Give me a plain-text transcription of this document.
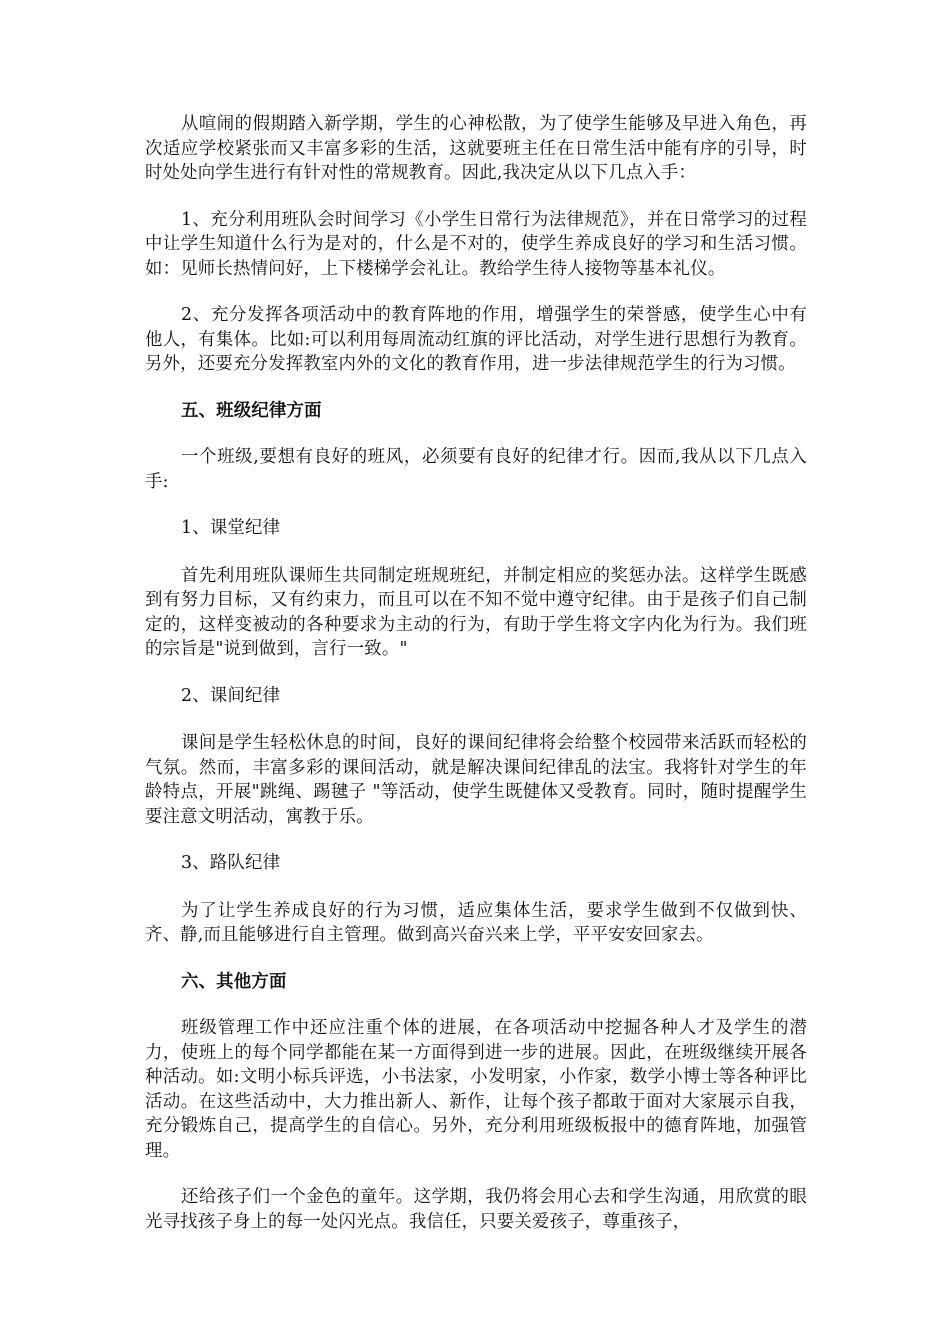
从喧闹的假期踏入新学期，学生的心神松散，为了使学生能够及早进入角色，再次适应学校紧张而又丰富多彩的生活，这就要班主任在日常生活中能有序的引导，时时处处向学生进行有针对性的常规教育。因此,我决定从以下几点入手：

1、充分利用班队会时间学习《小学生日常行为法律规范》，并在日常学习的过程中让学生知道什么行为是对的，什么是不对的，使学生养成良好的学习和生活习惯。如：见师长热情问好，上下楼梯学会礼让。教给学生待人接物等基本礼仪。

2、充分发挥各项活动中的教育阵地的作用，增强学生的荣誉感，使学生心中有他人，有集体。比如:可以利用每周流动红旗的评比活动，对学生进行思想行为教育。另外，还要充分发挥教室内外的文化的教育作用，进一步法律规范学生的行为习惯。

五、班级纪律方面

一个班级,要想有良好的班风，必须要有良好的纪律才行。因而,我从以下几点入手:

1、课堂纪律

首先利用班队课师生共同制定班规班纪，并制定相应的奖惩办法。这样学生既感到有努力目标，又有约束力，而且可以在不知不觉中遵守纪律。由于是孩子们自己制定的，这样变被动的各种要求为主动的行为，有助于学生将文字内化为行为。我们班的宗旨是"说到做到，言行一致。"

2、课间纪律

课间是学生轻松休息的时间，良好的课间纪律将会给整个校园带来活跃而轻松的气氛。然而，丰富多彩的课间活动，就是解决课间纪律乱的法宝。我将针对学生的年龄特点，开展"跳绳、踢毽子 "等活动，使学生既健体又受教育。同时，随时提醒学生要注意文明活动，寓教于乐。

3、路队纪律

为了让学生养成良好的行为习惯，适应集体生活，要求学生做到不仅做到快、齐、静,而且能够进行自主管理。做到高兴奋兴来上学，平平安安回家去。

六、其他方面

班级管理工作中还应注重个体的进展，在各项活动中挖掘各种人才及学生的潜力，使班上的每个同学都能在某一方面得到进一步的进展。因此，在班级继续开展各种活动。如:文明小标兵评选，小书法家，小发明家，小作家，数学小博士等各种评比活动。在这些活动中，大力推出新人、新作，让每个孩子都敢于面对大家展示自我，充分锻炼自己，提高学生的自信心。另外，充分利用班级板报中的德育阵地，加强管理。

还给孩子们一个金色的童年。这学期，我仍将会用心去和学生沟通，用欣赏的眼光寻找孩子身上的每一处闪光点。我信任，只要关爱孩子，尊重孩子，
